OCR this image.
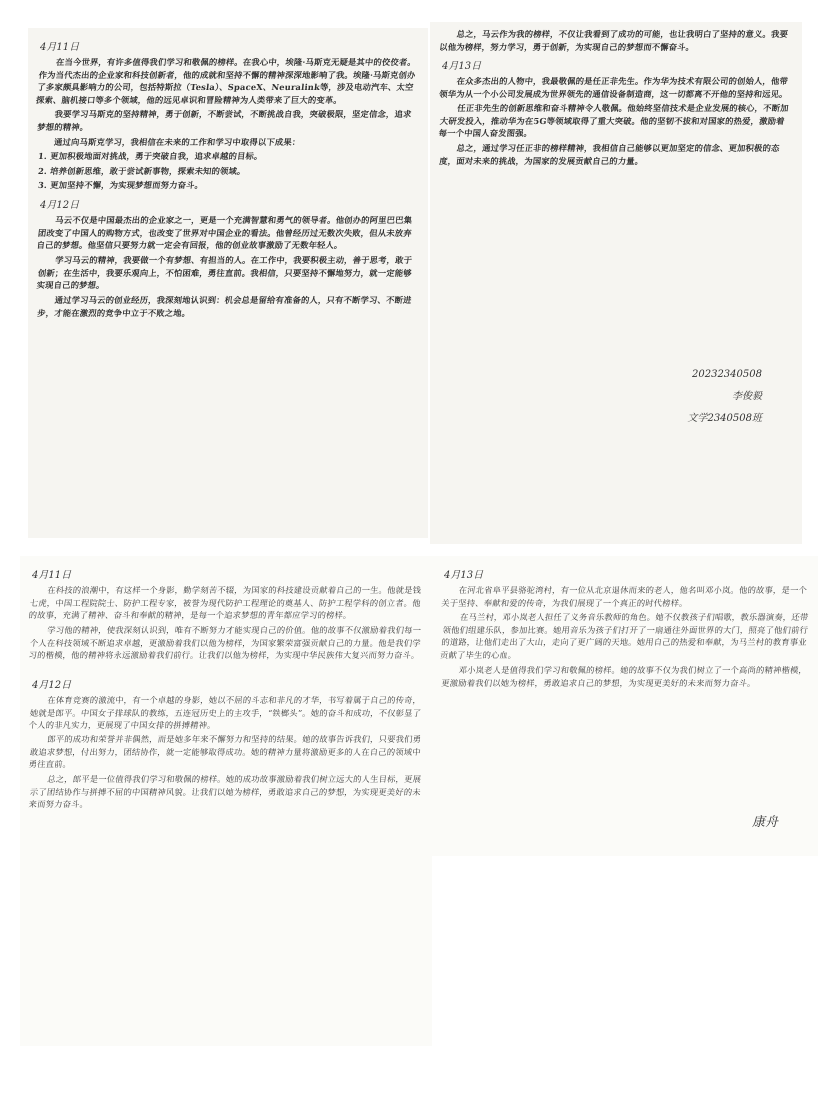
4月11日

在当今世界，有许多值得我们学习和敬佩的榜样。在我心中，埃隆·马斯克无疑是其中的佼佼者。作为当代杰出的企业家和科技创新者，他的成就和坚持不懈的精神深深地影响了我。埃隆·马斯克创办了多家颇具影响力的公司，包括特斯拉（Tesla）、SpaceX、Neuralink等，涉及电动汽车、太空探索、脑机接口等多个领域，他的远见卓识和冒险精神为人类带来了巨大的变革。

我要学习马斯克的坚持精神，勇于创新，不断尝试，不断挑战自我，突破极限，坚定信念，追求梦想的精神。

通过向马斯克学习，我相信在未来的工作和学习中取得以下成果：

1. 更加积极地面对挑战，勇于突破自我，追求卓越的目标。

2. 培养创新思维，敢于尝试新事物，探索未知的领域。

3. 更加坚持不懈，为实现梦想而努力奋斗。

4月12日

马云不仅是中国最杰出的企业家之一，更是一个充满智慧和勇气的领导者。他创办的阿里巴巴集团改变了中国人的购物方式，也改变了世界对中国企业的看法。他曾经历过无数次失败，但从未放弃自己的梦想。他坚信只要努力就一定会有回报，他的创业故事激励了无数年轻人。

学习马云的精神，我要做一个有梦想、有担当的人。在工作中，我要积极主动，善于思考，敢于创新；在生活中，我要乐观向上，不怕困难，勇往直前。我相信，只要坚持不懈地努力，就一定能够实现自己的梦想。

通过学习马云的创业经历，我深刻地认识到：机会总是留给有准备的人，只有不断学习、不断进步，才能在激烈的竞争中立于不败之地。

总之，马云作为我的榜样，不仅让我看到了成功的可能，也让我明白了坚持的意义。我要以他为榜样，努力学习，勇于创新，为实现自己的梦想而不懈奋斗。

4月13日

在众多杰出的人物中，我最敬佩的是任正非先生。作为华为技术有限公司的创始人，他带领华为从一个小公司发展成为世界领先的通信设备制造商，这一切都离不开他的坚持和远见。

任正非先生的创新思维和奋斗精神令人敬佩。他始终坚信技术是企业发展的核心，不断加大研发投入，推动华为在5G等领域取得了重大突破。他的坚韧不拔和对国家的热爱，激励着每一个中国人奋发图强。

总之，通过学习任正非的榜样精神，我相信自己能够以更加坚定的信念、更加积极的态度，面对未来的挑战，为国家的发展贡献自己的力量。

20232340508
李俊毅
文学2340508班
4月11日

在科技的浪潮中，有这样一个身影，勤学刻苦不辍，为国家的科技建设贡献着自己的一生。他就是钱七虎，中国工程院院士、防护工程专家，被誉为现代防护工程理论的奠基人、防护工程学科的创立者。他的故事，充满了精神、奋斗和奉献的精神，是每一个追求梦想的青年都应学习的榜样。

学习他的精神，使我深刻认识到，唯有不断努力才能实现自己的价值。他的故事不仅激励着我们每一个人在科技领域不断追求卓越，更激励着我们以他为榜样，为国家繁荣富强贡献自己的力量。他是我们学习的楷模，他的精神将永远激励着我们前行。让我们以他为榜样，为实现中华民族伟大复兴而努力奋斗。

4月12日

在体育竞赛的激流中，有一个卓越的身影，她以不屈的斗志和非凡的才华，书写着属于自己的传奇，她就是郎平。中国女子排球队的教练，五连冠历史上的主攻手，“铁榔头”。她的奋斗和成功，不仅彰显了个人的非凡实力，更展现了中国女排的拼搏精神。

郎平的成功和荣誉并非偶然，而是她多年来不懈努力和坚持的结果。她的故事告诉我们，只要我们勇敢追求梦想，付出努力，团结协作，就一定能够取得成功。她的精神力量将激励更多的人在自己的领域中勇往直前。

总之，郎平是一位值得我们学习和敬佩的榜样。她的成功故事激励着我们树立远大的人生目标，更展示了团结协作与拼搏不屈的中国精神风貌。让我们以她为榜样，勇敢追求自己的梦想，为实现更美好的未来而努力奋斗。

4月13日

在河北省阜平县骆驼湾村，有一位从北京退休而来的老人，他名叫邓小岚。他的故事，是一个关于坚持、奉献和爱的传奇，为我们展现了一个真正的时代榜样。

在马兰村，邓小岚老人担任了义务音乐教师的角色。她不仅教孩子们唱歌，教乐器演奏，还带领他们组建乐队，参加比赛。她用音乐为孩子们打开了一扇通往外面世界的大门，照亮了他们前行的道路，让他们走出了大山，走向了更广阔的天地。她用自己的热爱和奉献，为马兰村的教育事业贡献了毕生的心血。

邓小岚老人是值得我们学习和敬佩的榜样。她的故事不仅为我们树立了一个高尚的精神楷模，更激励着我们以她为榜样，勇敢追求自己的梦想，为实现更美好的未来而努力奋斗。

康舟
